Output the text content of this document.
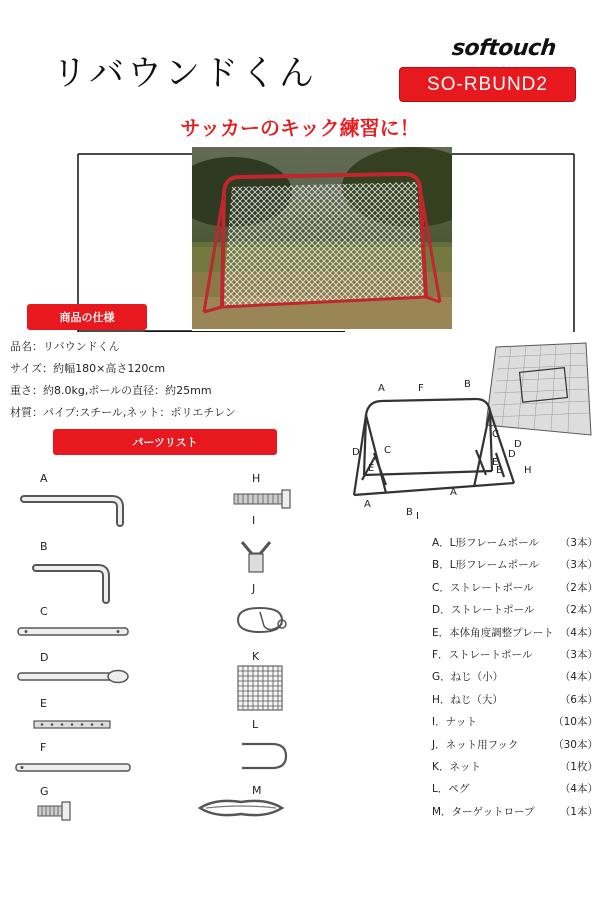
リバウンドくん
softouch
SO-RBUND2
サッカーのキック練習に！
商品の仕様
品名：リバウンドくん
サイズ：約幅180×高さ120cm
重さ：約8.0kg,ポールの直径：約25mm
材質：パイプ:スチール,ネット：ポリエチレン
A	F	B
C
D
E
D
E
C
D
E H
A
B
A
I
パーツリスト
A
B
C
D
E
F
G
H
I
J
K
L
M
A．L形フレームポール （3本）
B．L形フレームポール （3本）
C．ストレートポール （2本）
D．ストレートポール （2本）
E．本体角度調整プレート （4本）
F．ストレートポール	（3本）
G．ねじ（小）	（4本）
H．ねじ（大）	（6本）
I．ナット	（10本）
J．ネット用フック	（30本）
K．ネット	（1枚）
L．ペグ	（4本）
M．ターゲットロープ （1本）
